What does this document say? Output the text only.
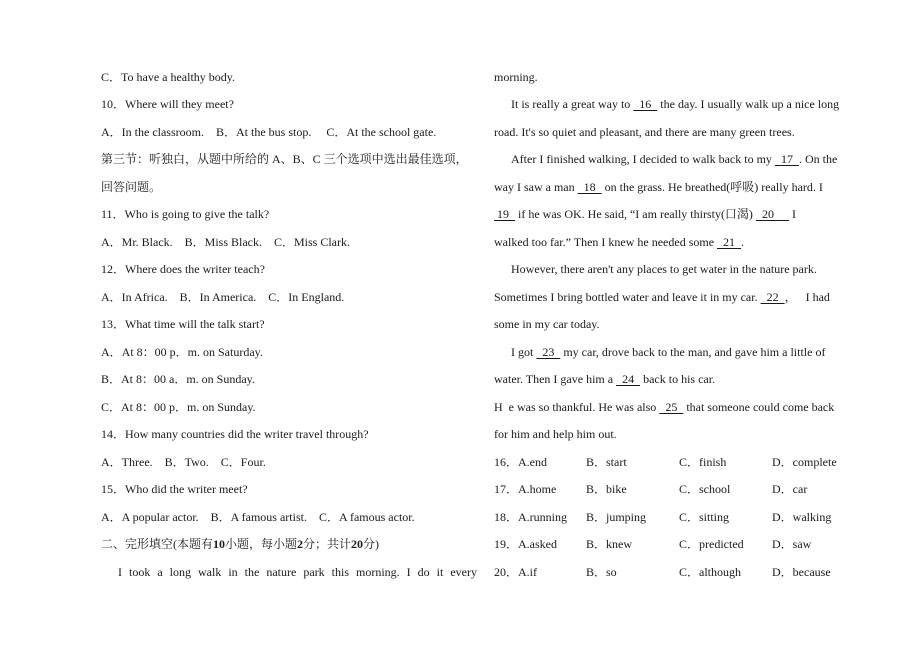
C．To have a healthy body.
10．Where will they meet?
A．In the classroom.    B．At the bus stop.     C．At the school gate.
第三节：听独白，从题中所给的 A、B、C 三个选项中选出最佳选项，
回答问题。
11．Who is going to give the talk?
A．Mr. Black.    B．Miss Black.    C．Miss Clark.
12．Where does the writer teach?
A．In Africa.    B．In America.    C．In England.
13．What time will the talk start?
A．At 8：00 p．m. on Saturday.
B．At 8：00 a．m. on Sunday.
C．At 8：00 p．m. on Sunday.
14．How many countries did the writer travel through?
A．Three.    B．Two.    C．Four.
15．Who did the writer meet?
A．A popular actor.    B．A famous artist.    C．A famous actor.
二、完形填空(本题有10小题，每小题2分；共计20分)
I took a long walk in the nature park this morning. I do it every
morning.
It is really a great way to   16   the day. I usually walk up a nice long
road. It's so quiet and pleasant, and there are many green trees.
After I finished walking, I decided to walk back to my   17  . On the
way I saw a man   18   on the grass. He breathed(呼吸) really hard. I
19   if he was OK. He said, “I am really thirsty(口渴)   20      I
walked too far.” Then I knew he needed some   21  .
However, there aren't any places to get water in the nature park.
Sometimes I bring bottled water and leave it in my car.   22  ，   I had
some in my car today.
I got   23   my car, drove back to the man, and gave him a little of
water. Then I gave him a   24   back to his car.
H  e was so thankful. He was also   25   that someone could come back
for him and help him out.
16．A.end	B．start	C．finish	D．complete
17．A.home B．bike	C．school	D．car
18．A.running B．jumping	C．sitting	D．walking
19．A.asked B．knew	C．predicted D．saw
20．A.if	B．so	C．although	D．because
